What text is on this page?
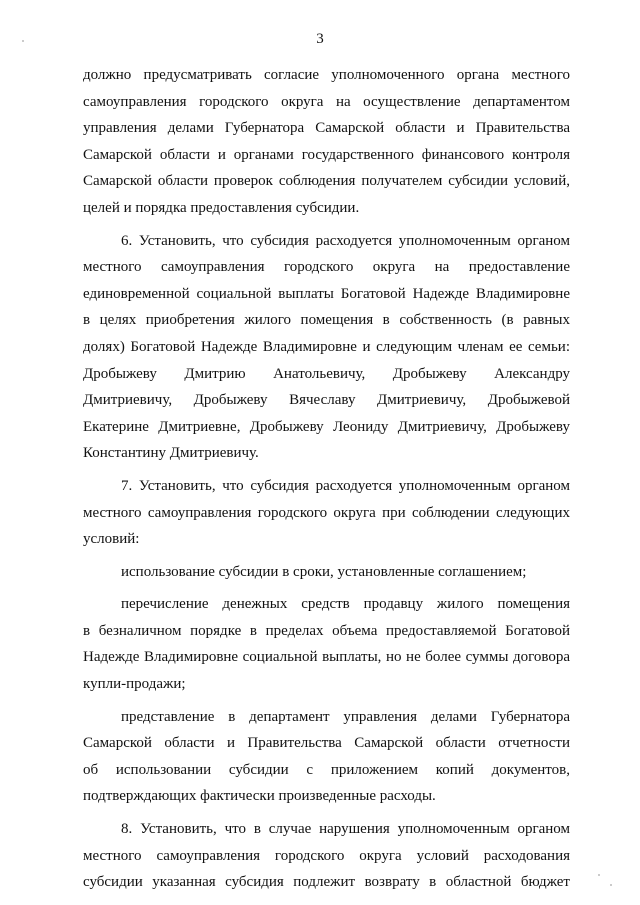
3
должно предусматривать согласие уполномоченного органа местного
самоуправления городского округа на осуществление департаментом
управления делами Губернатора Самарской области и Правительства
Самарской области и органами государственного финансового контроля
Самарской области проверок соблюдения получателем субсидии условий,
целей и порядка предоставления субсидии.
6. Установить, что субсидия расходуется уполномоченным органом
местного самоуправления городского округа на предоставление
единовременной социальной выплаты Богатовой Надежде Владимировне
в целях приобретения жилого помещения в собственность (в равных
долях) Богатовой Надежде Владимировне и следующим членам ее семьи:
Дробыжеву Дмитрию Анатольевичу, Дробыжеву Александру
Дмитриевичу, Дробыжеву Вячеславу Дмитриевичу, Дробыжевой
Екатерине Дмитриевне, Дробыжеву Леониду Дмитриевичу, Дробыжеву
Константину Дмитриевичу.
7. Установить, что субсидия расходуется уполномоченным органом
местного самоуправления городского округа при соблюдении следующих
условий:
использование субсидии в сроки, установленные соглашением;
перечисление денежных средств продавцу жилого помещения
в безналичном порядке в пределах объема предоставляемой Богатовой
Надежде Владимировне социальной выплаты, но не более суммы договора
купли-продажи;
представление в департамент управления делами Губернатора
Самарской области и Правительства Самарской области отчетности
об использовании субсидии с приложением копий документов,
подтверждающих фактически произведенные расходы.
8. Установить, что в случае нарушения уполномоченным органом
местного самоуправления городского округа условий расходования
субсидии указанная субсидия подлежит возврату в областной бюджет
